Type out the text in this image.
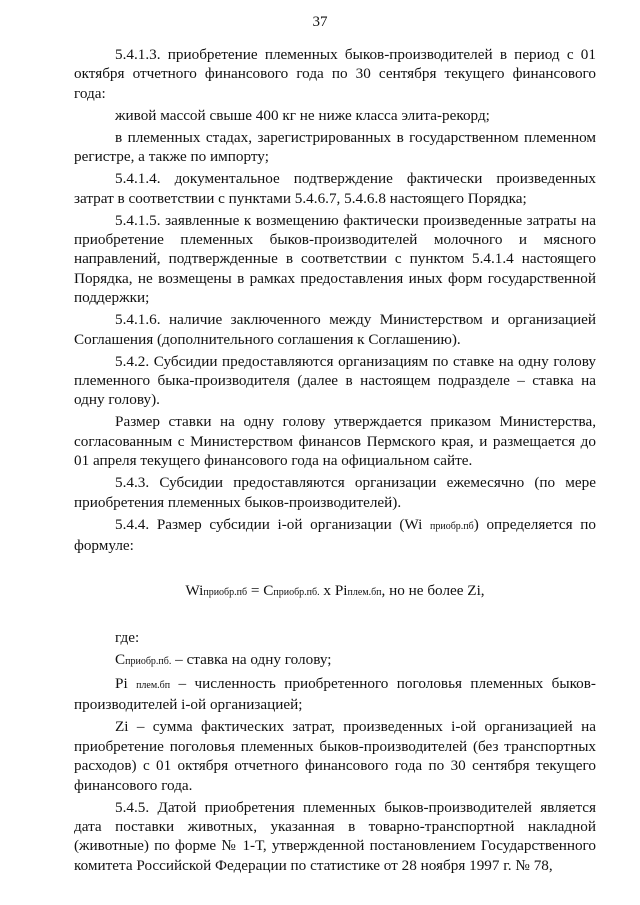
37

5.4.1.3. приобретение племенных быков-производителей в период с 01 октября отчетного финансового года по 30 сентября текущего финансового года:

живой массой свыше 400 кг не ниже класса элита-рекорд;

в племенных стадах, зарегистрированных в государственном племенном регистре, а также по импорту;

5.4.1.4. документальное подтверждение фактически произведенных затрат в соответствии с пунктами 5.4.6.7, 5.4.6.8 настоящего Порядка;

5.4.1.5. заявленные к возмещению фактически произведенные затраты на приобретение племенных быков-производителей молочного и мясного направлений, подтвержденные в соответствии с пунктом 5.4.1.4 настоящего Порядка, не возмещены в рамках предоставления иных форм государственной поддержки;

5.4.1.6. наличие заключенного между Министерством и организацией Соглашения (дополнительного соглашения к Соглашению).

5.4.2. Субсидии предоставляются организациям по ставке на одну голову племенного быка-производителя (далее в настоящем подразделе – ставка на одну голову).

Размер ставки на одну голову утверждается приказом Министерства, согласованным с Министерством финансов Пермского края, и размещается до 01 апреля текущего финансового года на официальном сайте.

5.4.3. Субсидии предоставляются организации ежемесячно (по мере приобретения племенных быков-производителей).

5.4.4. Размер субсидии i-ой организации (Wi приобр.пб) определяется по формуле:

Wiприобр.пб = Сприобр.пб. х Piплем.бп, но не более Zi,

где:

Сприобр.пб. – ставка на одну голову;

Pi плем.бп – численность приобретенного поголовья племенных быков-производителей i-ой организацией;

Zi – сумма фактических затрат, произведенных i-ой организацией на приобретение поголовья племенных быков-производителей (без транспортных расходов) с 01 октября отчетного финансового года по 30 сентября текущего финансового года.

5.4.5. Датой приобретения племенных быков-производителей является дата поставки животных, указанная в товарно-транспортной накладной (животные) по форме № 1-Т, утвержденной постановлением Государственного комитета Российской Федерации по статистике от 28 ноября 1997 г. № 78,
